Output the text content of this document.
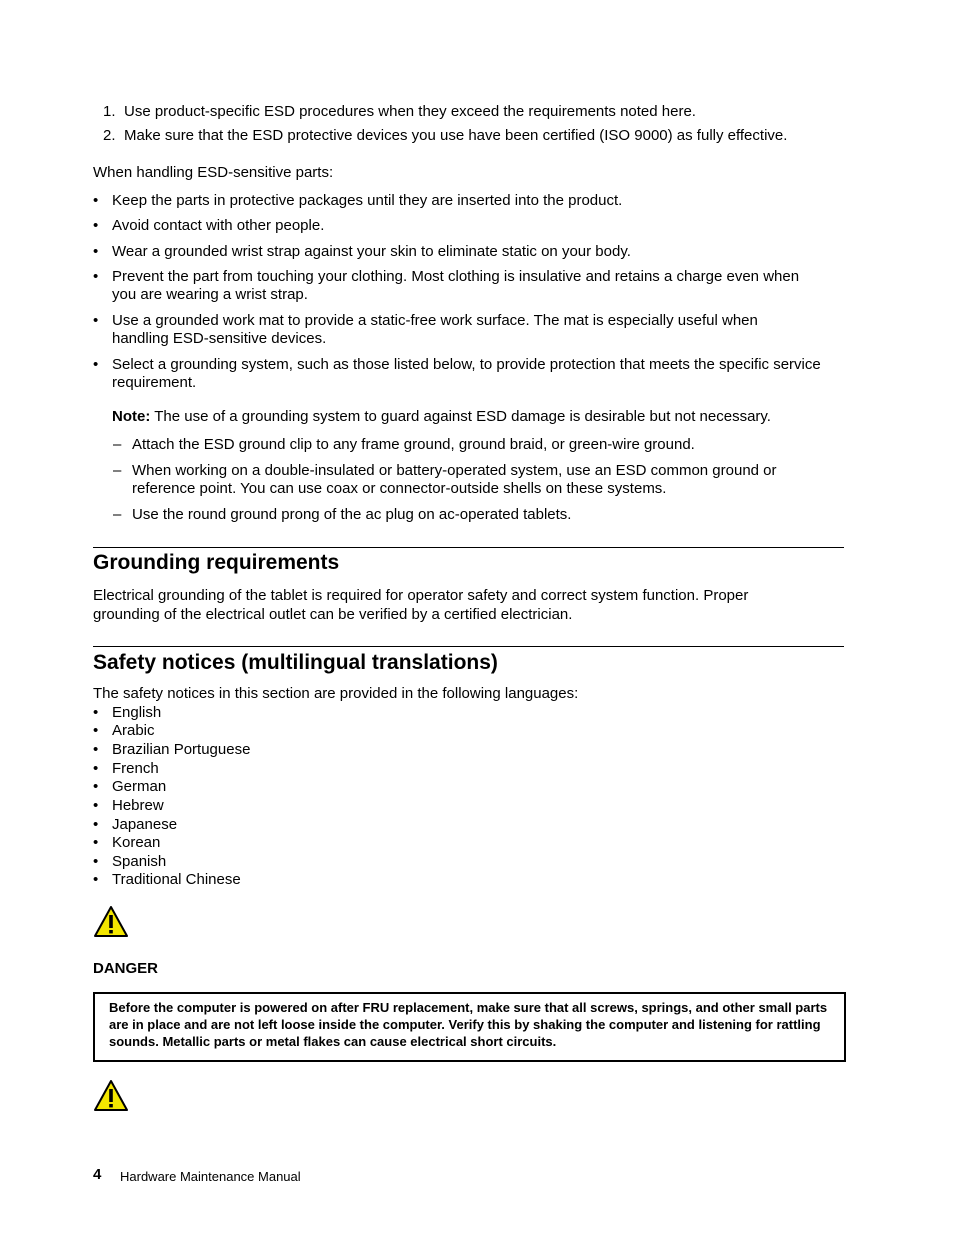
1. Use product-specific ESD procedures when they exceed the requirements noted here.
2. Make sure that the ESD protective devices you use have been certified (ISO 9000) as fully effective.
When handling ESD-sensitive parts:
• Keep the parts in protective packages until they are inserted into the product.
• Avoid contact with other people.
• Wear a grounded wrist strap against your skin to eliminate static on your body.
• Prevent the part from touching your clothing. Most clothing is insulative and retains a charge even when you are wearing a wrist strap.
• Use a grounded work mat to provide a static-free work surface. The mat is especially useful when handling ESD-sensitive devices.
• Select a grounding system, such as those listed below, to provide protection that meets the specific service requirement.
Note: The use of a grounding system to guard against ESD damage is desirable but not necessary.
– Attach the ESD ground clip to any frame ground, ground braid, or green-wire ground.
– When working on a double-insulated or battery-operated system, use an ESD common ground or reference point. You can use coax or connector-outside shells on these systems.
– Use the round ground prong of the ac plug on ac-operated tablets.
Grounding requirements
Electrical grounding of the tablet is required for operator safety and correct system function. Proper grounding of the electrical outlet can be verified by a certified electrician.
Safety notices (multilingual translations)
The safety notices in this section are provided in the following languages:
• English
• Arabic
• Brazilian Portuguese
• French
• German
• Hebrew
• Japanese
• Korean
• Spanish
• Traditional Chinese
DANGER
Before the computer is powered on after FRU replacement, make sure that all screws, springs, and other small parts are in place and are not left loose inside the computer. Verify this by shaking the computer and listening for rattling sounds. Metallic parts or metal flakes can cause electrical short circuits.
4 Hardware Maintenance Manual
